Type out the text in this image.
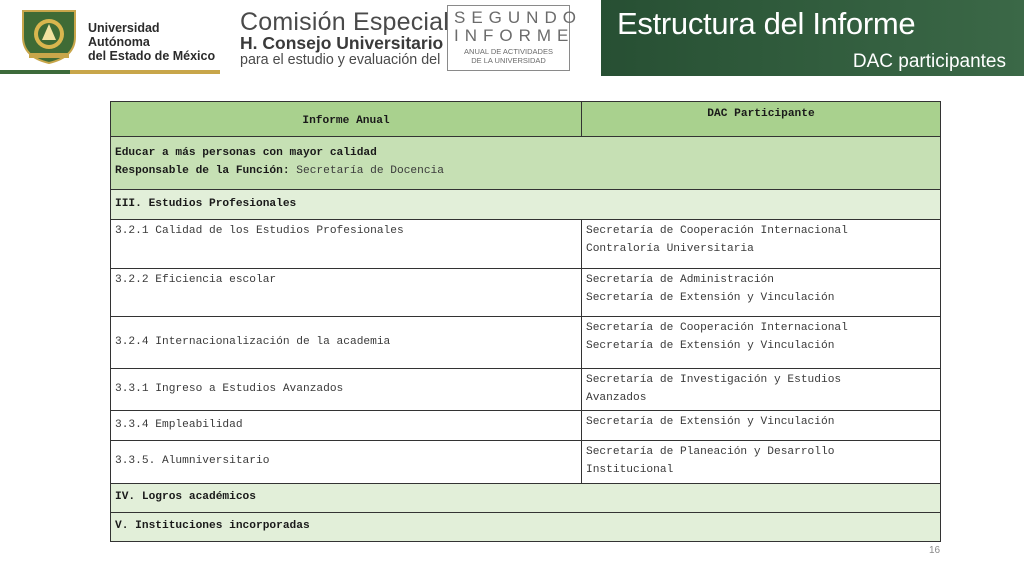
Universidad Autónoma
del Estado de México
Comisión Especial
H. Consejo Universitario
para el estudio y evaluación del
SEGUNDO
INFORME
ANUAL DE ACTIVIDADES
DE LA UNIVERSIDAD
Estructura del Informe
DAC participantes
Informe Anual	DAC Participante

Educar a más personas con mayor calidad
Responsable de la Función: Secretaría de Docencia	

III. Estudios Profesionales	
3.2.1 Calidad de los Estudios Profesionales	Secretaría de Cooperación Internacional
Contraloría Universitaria

3.2.2 Eficiencia escolar	Secretaría de Administración
Secretaría de Extensión y Vinculación

3.2.4 Internacionalización de la academia	Secretaría de Cooperación Internacional
Secretaría de Extensión y Vinculación

3.3.1 Ingreso a Estudios Avanzados	Secretaría de Investigación y Estudios
Avanzados

3.3.4 Empleabilidad	Secretaría de Extensión y Vinculación

3.3.5. Alumniversitario	Secretaría de Planeación y Desarrollo
Institucional

IV. Logros académicos	
V. Instituciones incorporadas	
16
